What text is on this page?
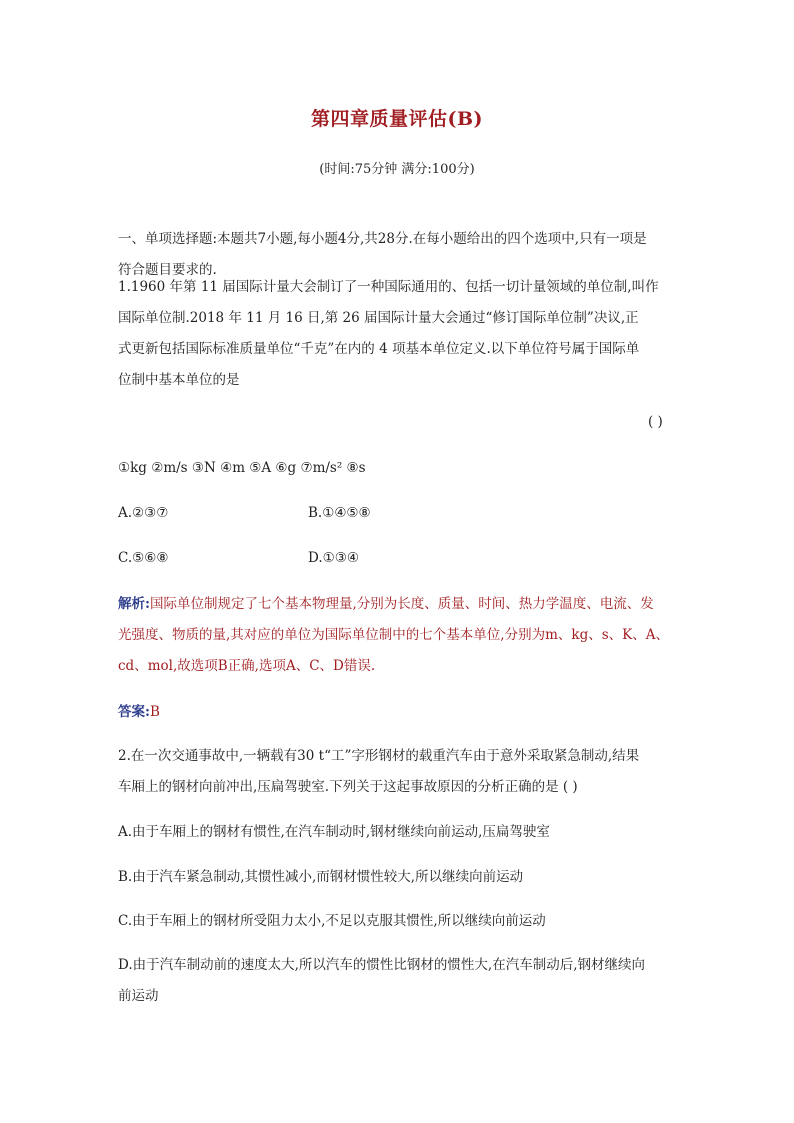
第四章质量评估(B)
(时间:75分钟 满分:100分)
一、单项选择题:本题共7小题,每小题4分,共28分.在每小题给出的四个选项中,只有一项是
符合题目要求的.
1.1960 年第 11 届国际计量大会制订了一种国际通用的、包括一切计量领域的单位制,叫作
国际单位制.2018 年 11 月 16 日,第 26 届国际计量大会通过“修订国际单位制”决议,正
式更新包括国际标准质量单位“千克”在内的 4 项基本单位定义.以下单位符号属于国际单
位制中基本单位的是
( )
①kg ②m/s ③N ④m ⑤A ⑥g ⑦m/s² ⑧s
A.②③⑦	B.①④⑤⑧
C.⑤⑥⑧	D.①③④
解析:国际单位制规定了七个基本物理量,分别为长度、质量、时间、热力学温度、电流、发
光强度、物质的量,其对应的单位为国际单位制中的七个基本单位,分别为m、kg、s、K、A、
cd、mol,故选项B正确,选项A、C、D错误.
答案:B
2.在一次交通事故中,一辆载有30 t“工”字形钢材的载重汽车由于意外采取紧急制动,结果
车厢上的钢材向前冲出,压扁驾驶室.下列关于这起事故原因的分析正确的是 ( )
A.由于车厢上的钢材有惯性,在汽车制动时,钢材继续向前运动,压扁驾驶室
B.由于汽车紧急制动,其惯性减小,而钢材惯性较大,所以继续向前运动
C.由于车厢上的钢材所受阻力太小,不足以克服其惯性,所以继续向前运动
D.由于汽车制动前的速度太大,所以汽车的惯性比钢材的惯性大,在汽车制动后,钢材继续向
前运动
